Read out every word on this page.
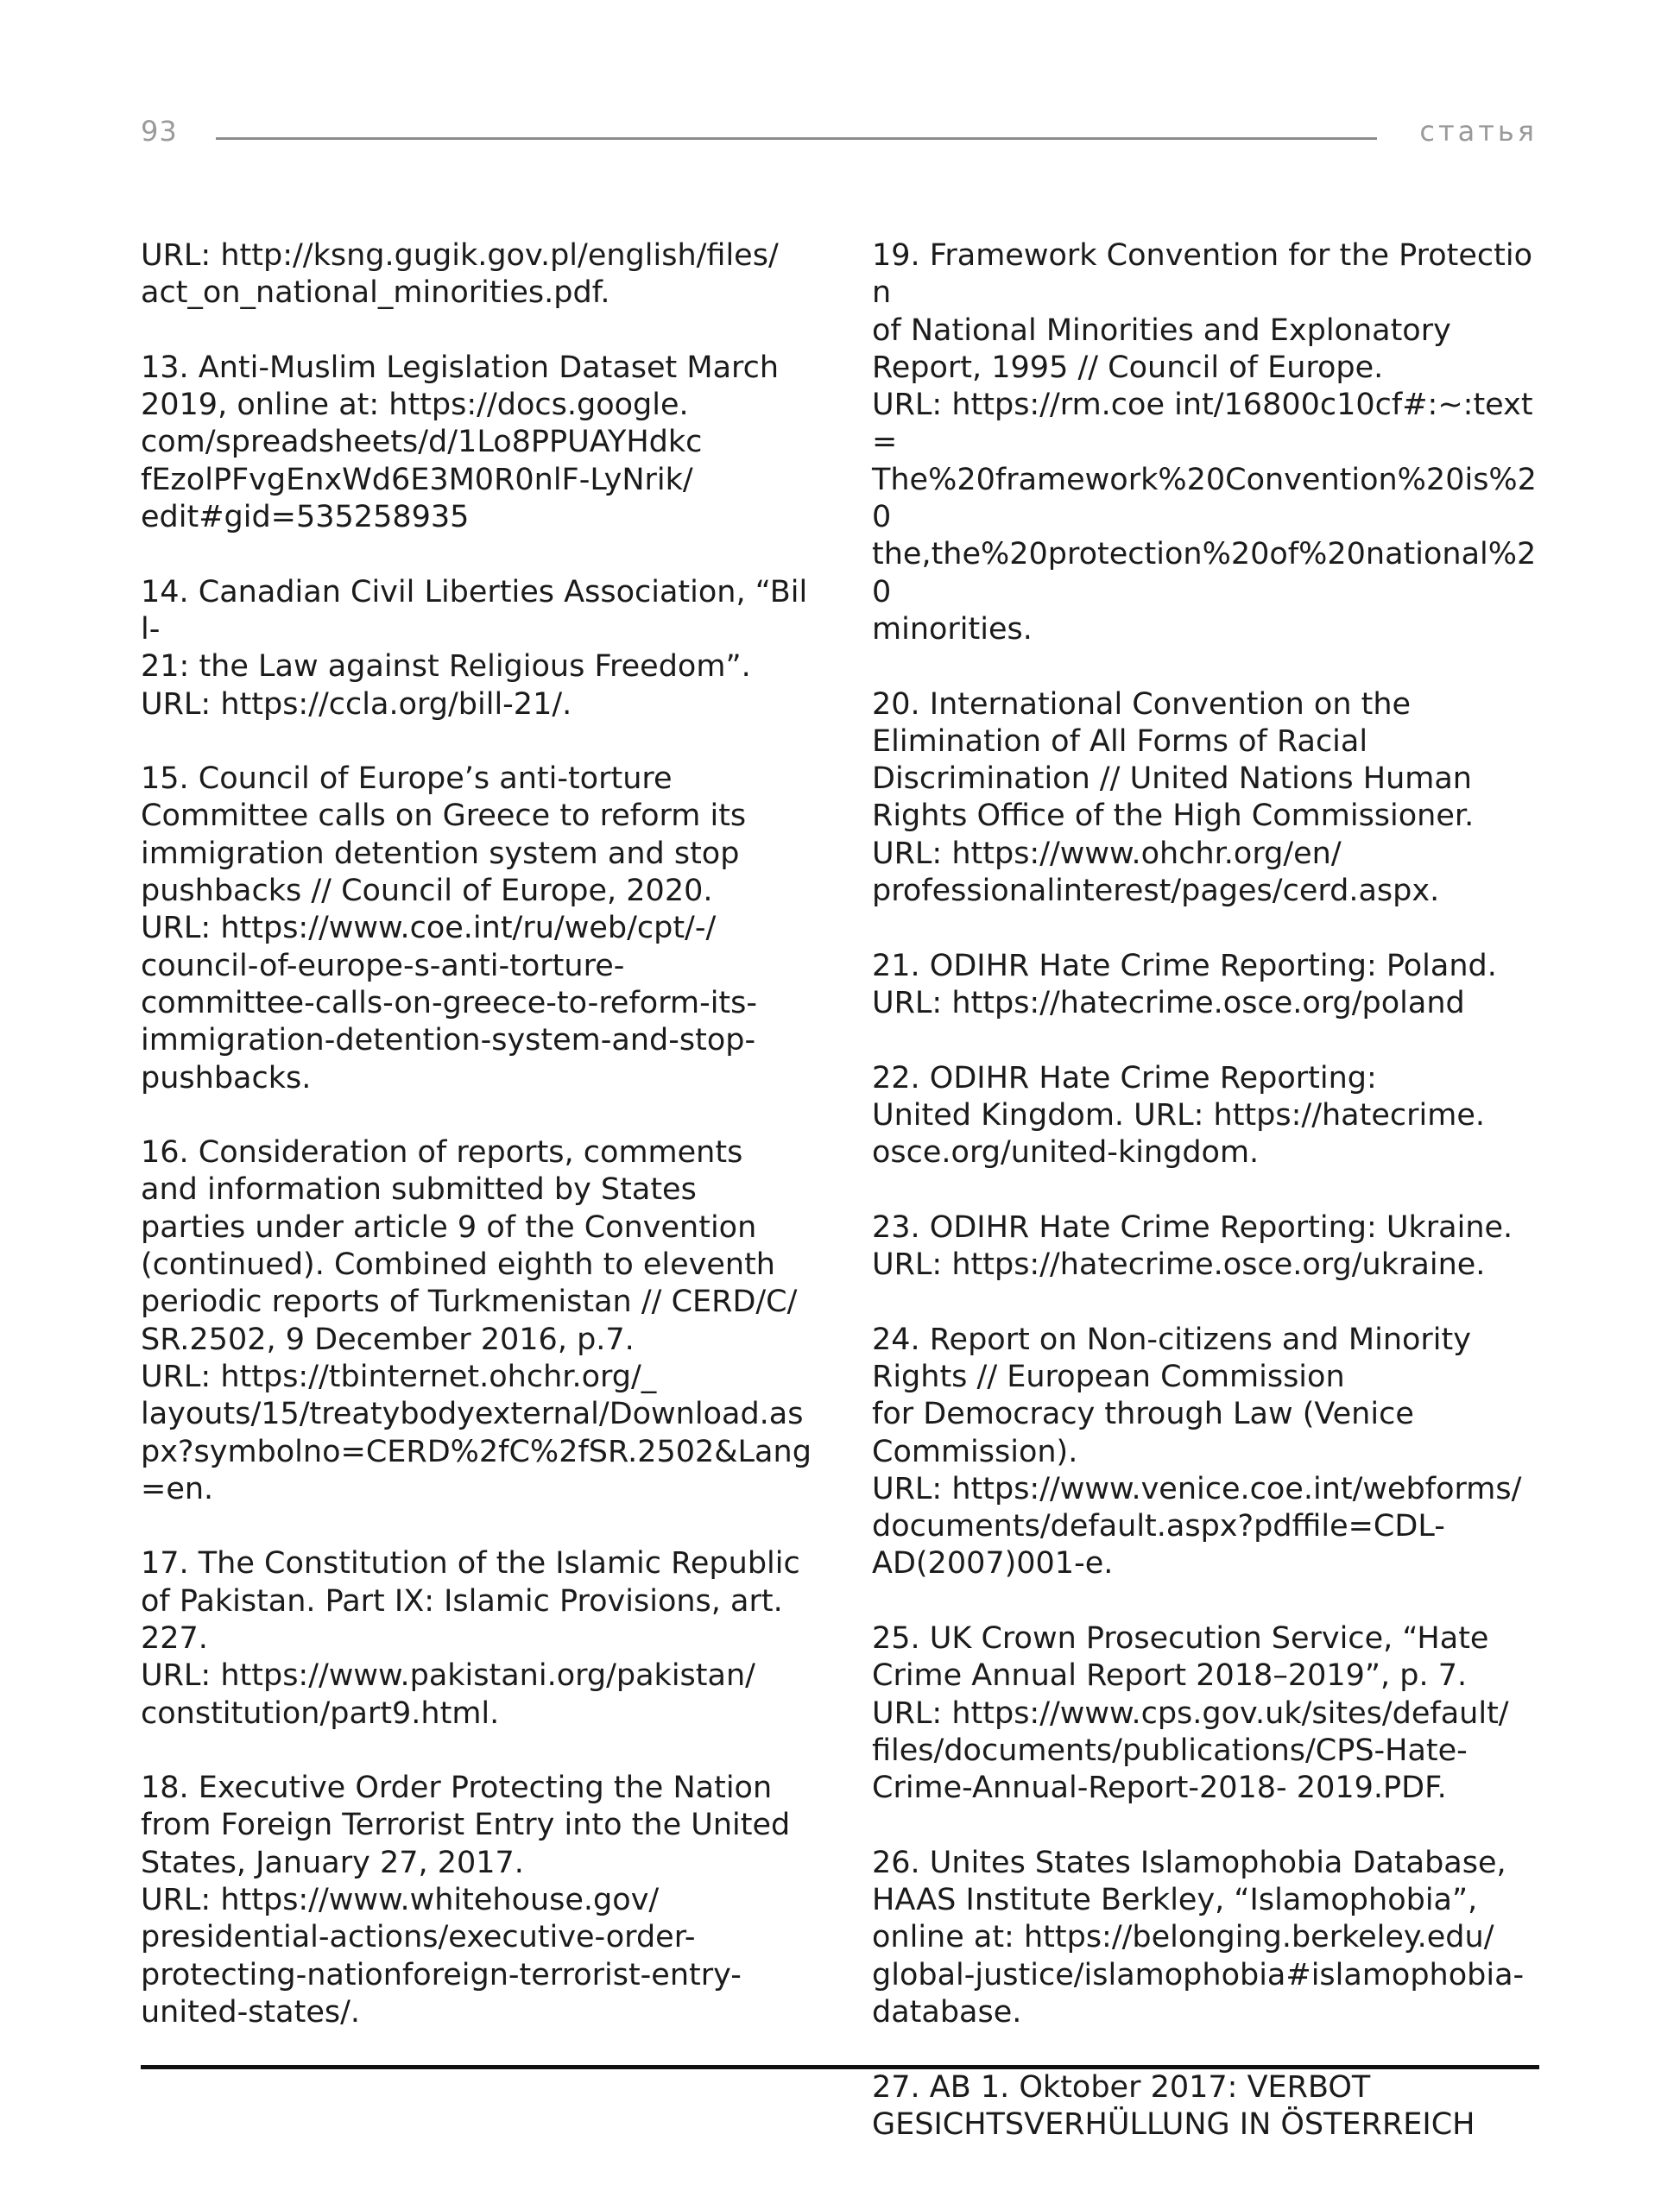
93	статья

URL: http://ksng.gugik.gov.pl/english/files/
act_on_national_minorities.pdf.

13. Anti-Muslim Legislation Dataset March
2019, online at: https://docs.google.
com/spreadsheets/d/1Lo8PPUAYHdkc
fEzolPFvgEnxWd6E3M0R0nlF-LyNrik/
edit#gid=535258935

14. Canadian Civil Liberties Association, “Bill-
21: the Law against Religious Freedom”.
URL: https://ccla.org/bill-21/.

15. Council of Europe’s anti-torture
Committee calls on Greece to reform its
immigration detention system and stop
pushbacks // Council of Europe, 2020.
URL: https://www.coe.int/ru/web/cpt/-/
council-of-europe-s-anti-torture-
committee-calls-on-greece-to-reform-its-
immigration-detention-system-and-stop-
pushbacks.

16. Consideration of reports, comments
and information submitted by States
parties under article 9 of the Convention
(continued). Combined eighth to eleventh
periodic reports of Turkmenistan // CERD/C/
SR.2502, 9 December 2016, p.7.
URL: https://tbinternet.ohchr.org/_
layouts/15/treatybodyexternal/Download.as
px?symbolno=CERD%2fC%2fSR.2502&Lang
=en.

17. The Constitution of the Islamic Republic
of Pakistan. Part IX: Islamic Provisions, art.
227.
URL: https://www.pakistani.org/pakistan/
constitution/part9.html.

18. Executive Order Protecting the Nation
from Foreign Terrorist Entry into the United
States, January 27, 2017.
URL: https://www.whitehouse.gov/
presidential-actions/executive-order-
protecting-nationforeign-terrorist-entry-
united-states/.

19. Framework Convention for the Protection
of National Minorities and Explonatory
Report, 1995 // Council of Europe.
URL: https://rm.coe int/16800c10cf#:~:text=
The%20framework%20Convention%20is%20
the,the%20protection%20of%20national%20
minorities.

20. International Convention on the
Elimination of All Forms of Racial
Discrimination // United Nations Human
Rights Office of the High Commissioner.
URL: https://www.ohchr.org/en/
professionalinterest/pages/cerd.aspx.

21. ODIHR Hate Crime Reporting: Poland.
URL: https://hatecrime.osce.org/poland

22. ODIHR Hate Crime Reporting:
United Kingdom. URL: https://hatecrime.
osce.org/united-kingdom.

23. ODIHR Hate Crime Reporting: Ukraine.
URL: https://hatecrime.osce.org/ukraine.

24. Report on Non-citizens and Minority
Rights // European Commission
for Democracy through Law (Venice
Commission).
URL: https://www.venice.coe.int/webforms/
documents/default.aspx?pdffile=CDL-
AD(2007)001-e.

25. UK Crown Prosecution Service, “Hate
Crime Annual Report 2018–2019”, p. 7.
URL: https://www.cps.gov.uk/sites/default/
files/documents/publications/CPS-Hate-
Crime-Annual-Report-2018- 2019.PDF.

26. Unites States Islamophobia Database,
HAAS Institute Berkley, “Islamophobia”,
online at: https://belonging.berkeley.edu/
global-justice/islamophobia#islamophobia-
database.

27. AB 1. Oktober 2017: VERBOT
GESICHTSVERHÜLLUNG IN ÖSTERREICH
